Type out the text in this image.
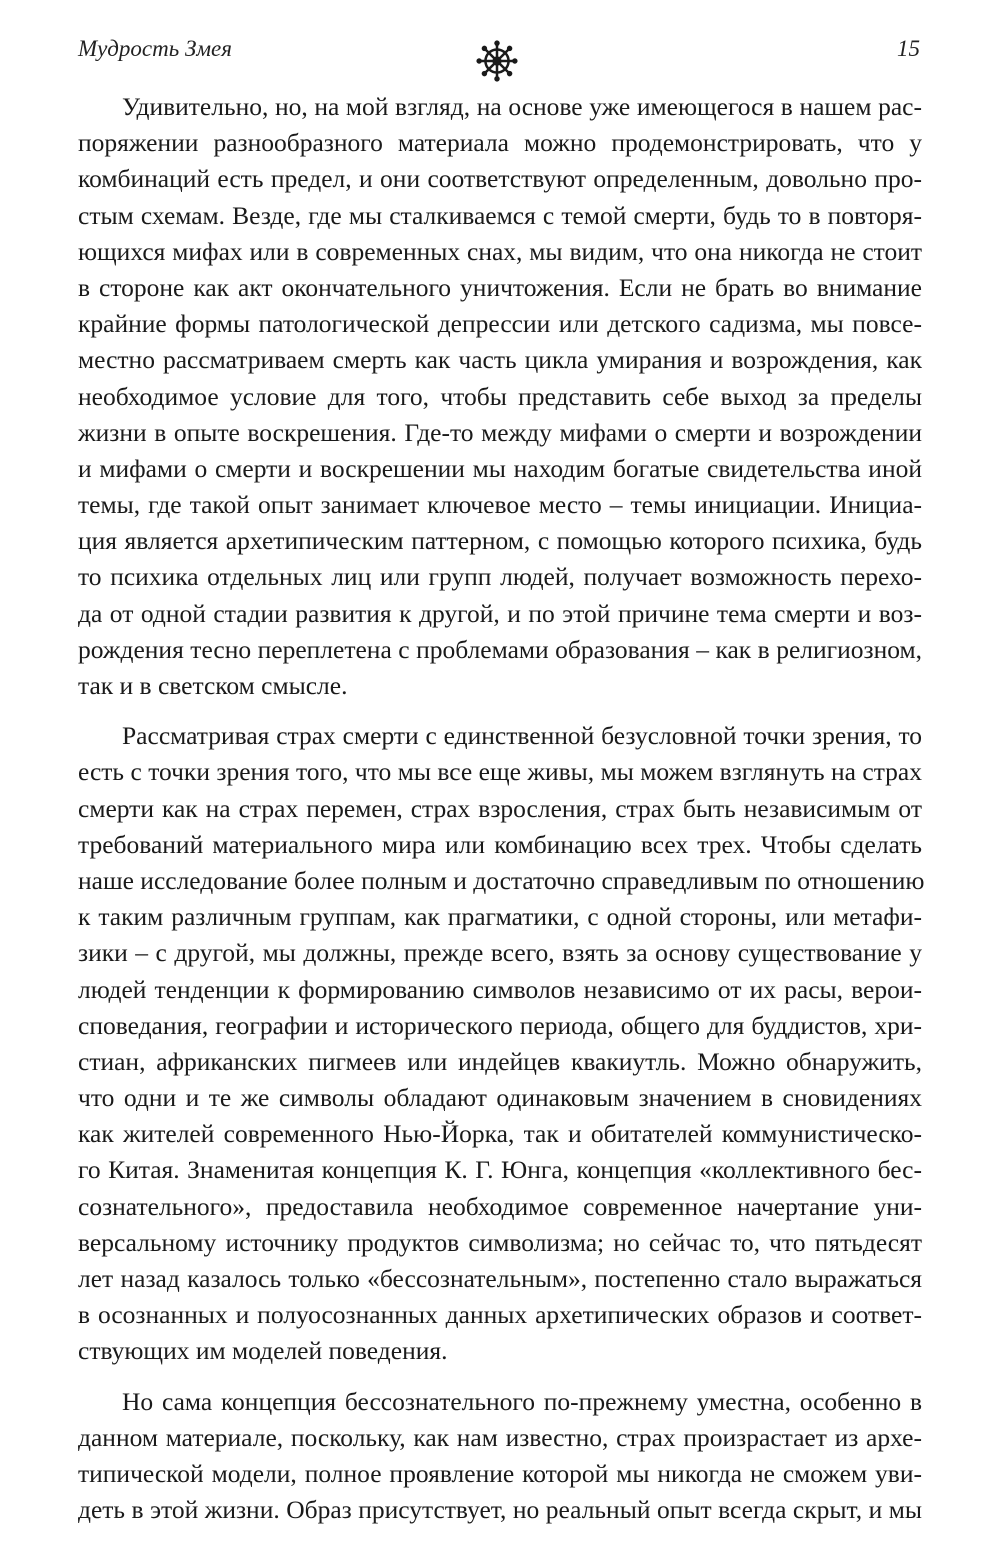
Мудрость Змея	15
Удивительно, но, на мой взгляд, на основе уже имеющегося в нашем рас-
поряжении разнообразного материала можно продемонстрировать, что у
комбинаций есть предел, и они соответствуют определенным, довольно про-
стым схемам. Везде, где мы сталкиваемся с темой смерти, будь то в повторя-
ющихся мифах или в современных снах, мы видим, что она никогда не стоит
в стороне как акт окончательного уничтожения. Если не брать во внимание
крайние формы патологической депрессии или детского садизма, мы повсе-
местно рассматриваем смерть как часть цикла умирания и возрождения, как
необходимое условие для того, чтобы представить себе выход за пределы
жизни в опыте воскрешения. Где-то между мифами о смерти и возрождении
и мифами о смерти и воскрешении мы находим богатые свидетельства иной
темы, где такой опыт занимает ключевое место – темы инициации. Инициа-
ция является архетипическим паттерном, с помощью которого психика, будь
то психика отдельных лиц или групп людей, получает возможность перехо-
да от одной стадии развития к другой, и по этой причине тема смерти и воз-
рождения тесно переплетена с проблемами образования – как в религиозном,
так и в светском смысле.
Рассматривая страх смерти с единственной безусловной точки зрения, то
есть с точки зрения того, что мы все еще живы, мы можем взглянуть на страх
смерти как на страх перемен, страх взросления, страх быть независимым от
требований материального мира или комбинацию всех трех. Чтобы сделать
наше исследование более полным и достаточно справедливым по отношению
к таким различным группам, как прагматики, с одной стороны, или метафи-
зики – с другой, мы должны, прежде всего, взять за основу существование у
людей тенденции к формированию символов независимо от их расы, верои-
споведания, географии и исторического периода, общего для буддистов, хри-
стиан, африканских пигмеев или индейцев квакиутль. Можно обнаружить,
что одни и те же символы обладают одинаковым значением в сновидениях
как жителей современного Нью-Йорка, так и обитателей коммунистическо-
го Китая. Знаменитая концепция К. Г. Юнга, концепция «коллективного бес-
сознательного», предоставила необходимое современное начертание уни-
версальному источнику продуктов символизма; но сейчас то, что пятьдесят
лет назад казалось только «бессознательным», постепенно стало выражаться
в осознанных и полуосознанных данных архетипических образов и соответ-
ствующих им моделей поведения.
Но сама концепция бессознательного по-прежнему уместна, особенно в
данном материале, поскольку, как нам известно, страх произрастает из архе-
типической модели, полное проявление которой мы никогда не сможем уви-
деть в этой жизни. Образ присутствует, но реальный опыт всегда скрыт, и мы
